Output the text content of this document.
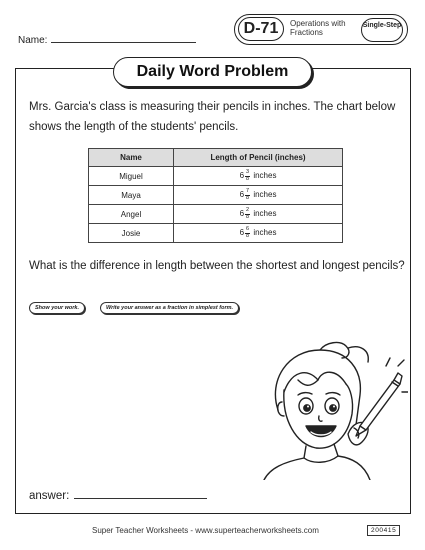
Name:
D-71	Operations with Fractions
Single-Step
Daily Word Problem
Mrs. Garcia's class is measuring their pencils in inches. The chart below shows the length of the students' pencils.
Name	Length of Pencil (inches)
Miguel	$6 \frac{3}{8}$ inches
Maya	$6 \frac{7}{8}$ inches
Angel	$6 \frac{2}{8}$ inches
Josie	$6 \frac{6}{8}$ inches
What is the difference in length between the shortest and longest pencils?
Show your work.	Write your answer as a fraction in simplest form.
answer:
Super Teacher Worksheets - www.superteacherworksheets.com	200415
